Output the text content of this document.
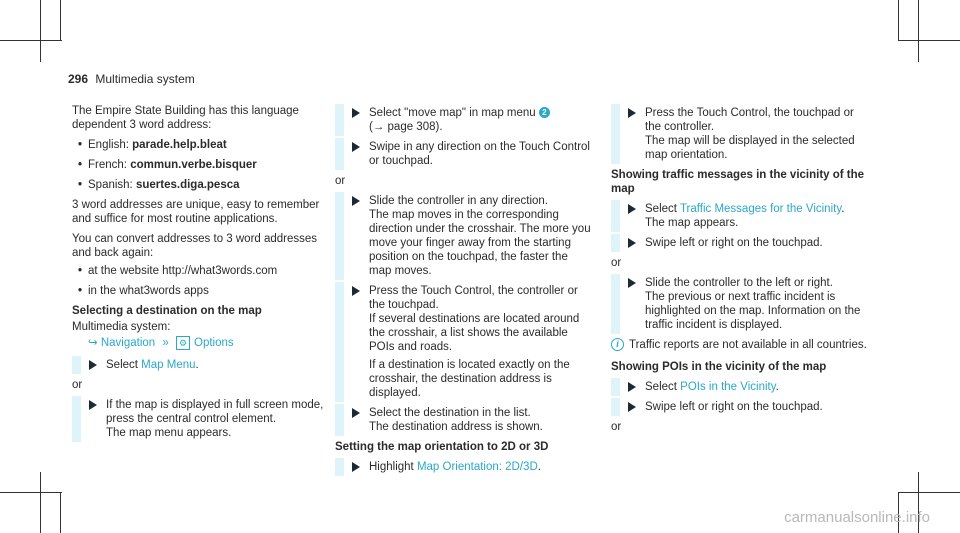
296 Multimedia system

The Empire State Building has this language dependent 3 word address:

• English: parade.help.bleat
• French: commun.verbe.bisquer
• Spanish: suertes.diga.pesca

3 word addresses are unique, easy to remember and suffice for most routine applications.

You can convert addresses to 3 word addresses and back again:

• at the website http://what3words.com
• in the what3words apps
Selecting a destination on the map
Multimedia system:
↪ Navigation » ⚙ Options
Select Map Menu.
or
If the map is displayed in full screen mode, press the central control element.
The map menu appears.
Select "move map" in map menu 2
(→ page 308).
Swipe in any direction on the Touch Control or touchpad.
or
Slide the controller in any direction.
The map moves in the corresponding direction under the crosshair. The more you move your finger away from the starting position on the touchpad, the faster the map moves.
Press the Touch Control, the controller or the touchpad.
If several destinations are located around the crosshair, a list shows the available POIs and roads.
If a destination is located exactly on the crosshair, the destination address is displayed.
Select the destination in the list.
The destination address is shown.
Setting the map orientation to 2D or 3D
Highlight Map Orientation: 2D/3D.
Press the Touch Control, the touchpad or the controller.
The map will be displayed in the selected map orientation.
Showing traffic messages in the vicinity of the map
Select Traffic Messages for the Vicinity.
The map appears.
Swipe left or right on the touchpad.
or
Slide the controller to the left or right.
The previous or next traffic incident is highlighted on the map. Information on the traffic incident is displayed.
i Traffic reports are not available in all countries.
Showing POIs in the vicinity of the map
Select POIs in the Vicinity.
Swipe left or right on the touchpad.
or
carmanualsonline.info
